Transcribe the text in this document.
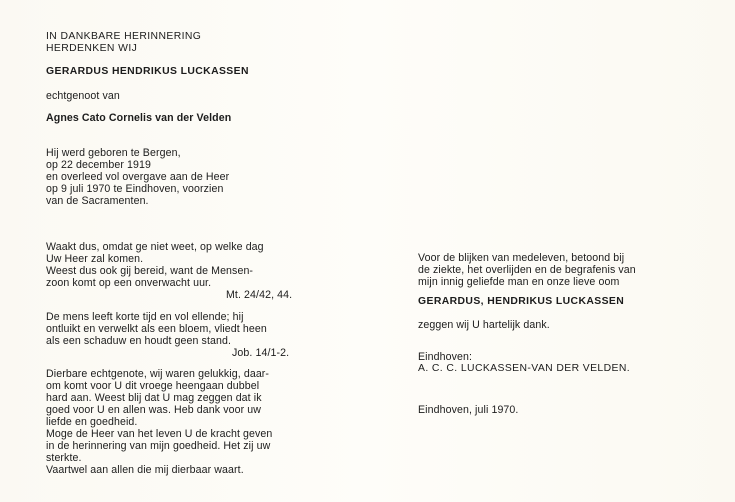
IN DANKBARE HERINNERING
HERDENKEN WIJ
GERARDUS HENDRIKUS LUCKASSEN
echtgenoot van
Agnes Cato Cornelis van der Velden
Hij werd geboren te Bergen,
op 22 december 1919
en overleed vol overgave aan de Heer
op 9 juli 1970 te Eindhoven, voorzien
van de Sacramenten.
Waakt dus, omdat ge niet weet, op welke dag
Uw Heer zal komen.
Weest dus ook gij bereid, want de Mensen-
zoon komt op een onverwacht uur.
Mt. 24/42, 44.
De mens leeft korte tijd en vol ellende; hij
ontluikt en verwelkt als een bloem, vliedt heen
als een schaduw en houdt geen stand.
Job. 14/1-2.
Dierbare echtgenote, wij waren gelukkig, daar-
om komt voor U dit vroege heengaan dubbel
hard aan. Weest blij dat U mag zeggen dat ik
goed voor U en allen was. Heb dank voor uw
liefde en goedheid.
Moge de Heer van het leven U de kracht geven
in de herinnering van mijn goedheid. Het zij uw
sterkte.
Vaartwel aan allen die mij dierbaar waart.
Voor de blijken van medeleven, betoond bij
de ziekte, het overlijden en de begrafenis van
mijn innig geliefde man en onze lieve oom
GERARDUS, HENDRIKUS LUCKASSEN
zeggen wij U hartelijk dank.
Eindhoven:
A. C. C. LUCKASSEN-VAN DER VELDEN.
Eindhoven, juli 1970.
